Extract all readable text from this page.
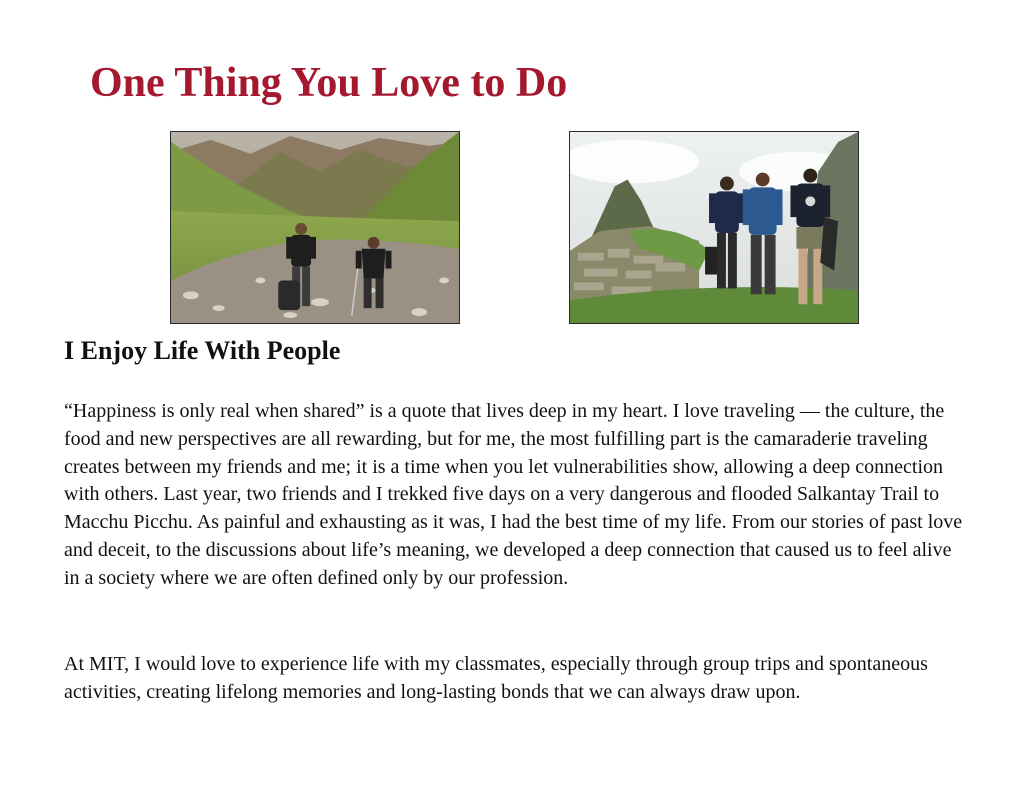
One Thing You Love to Do
I Enjoy Life With People

“Happiness is only real when shared” is a quote that lives deep in my heart. I love traveling — the culture, the food and new perspectives are all rewarding, but for me, the most fulfilling part is the camaraderie traveling creates between my friends and me; it is a time when you let vulnerabilities show, allowing a deep connection with others. Last year, two friends and I trekked five days on a very dangerous and flooded Salkantay Trail to Macchu Picchu. As painful and exhausting as it was, I had the best time of my life. From our stories of past love and deceit, to the discussions about life’s meaning, we developed a deep connection that caused us to feel alive in a society where we are often defined only by our profession.

At MIT, I would love to experience life with my classmates, especially through group trips and spontaneous activities, creating lifelong memories and long-lasting bonds that we can always draw upon.
